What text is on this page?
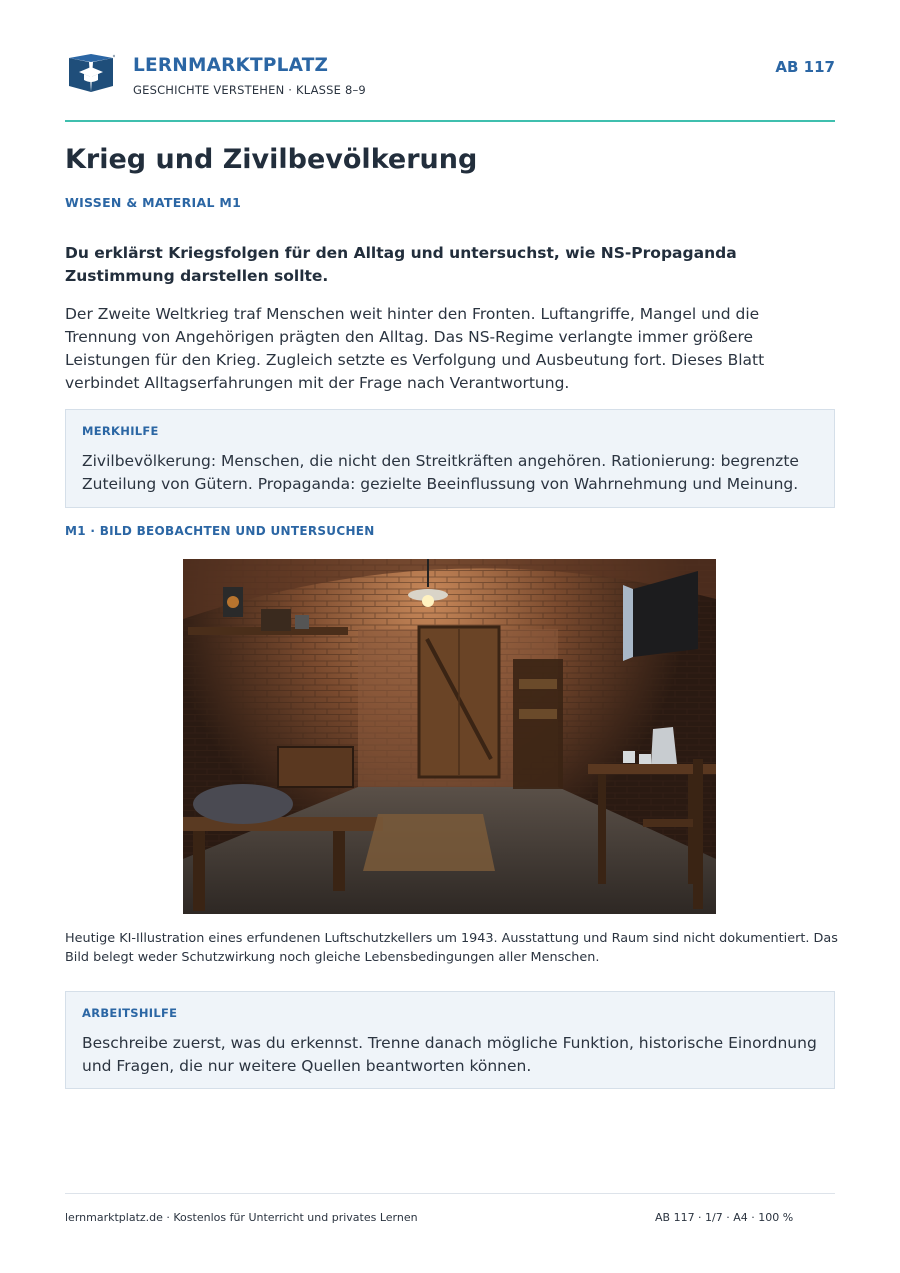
LERNMARKTPLATZ
GESCHICHTE VERSTEHEN · KLASSE 8–9
AB 117
Krieg und Zivilbevölkerung
WISSEN & MATERIAL M1
Du erklärst Kriegsfolgen für den Alltag und untersuchst, wie NS-Propaganda Zustimmung darstellen sollte.
Der Zweite Weltkrieg traf Menschen weit hinter den Fronten. Luftangriffe, Mangel und die Trennung von Angehörigen prägten den Alltag. Das NS-Regime verlangte immer größere Leistungen für den Krieg. Zugleich setzte es Verfolgung und Ausbeutung fort. Dieses Blatt verbindet Alltagserfahrungen mit der Frage nach Verantwortung.
MERKHILFE
Zivilbevölkerung: Menschen, die nicht den Streitkräften angehören. Rationierung: begrenzte Zuteilung von Gütern. Propaganda: gezielte Beeinflussung von Wahrnehmung und Meinung.
M1 · BILD BEOBACHTEN UND UNTERSUCHEN
Heutige KI-Illustration eines erfundenen Luftschutzkellers um 1943. Ausstattung und Raum sind nicht dokumentiert. Das Bild belegt weder Schutzwirkung noch gleiche Lebensbedingungen aller Menschen.
ARBEITSHILFE
Beschreibe zuerst, was du erkennst. Trenne danach mögliche Funktion, historische Einordnung und Fragen, die nur weitere Quellen beantworten können.
lernmarktplatz.de · Kostenlos für Unterricht und privates Lernen	AB 117 · 1/7 · A4 · 100 %
